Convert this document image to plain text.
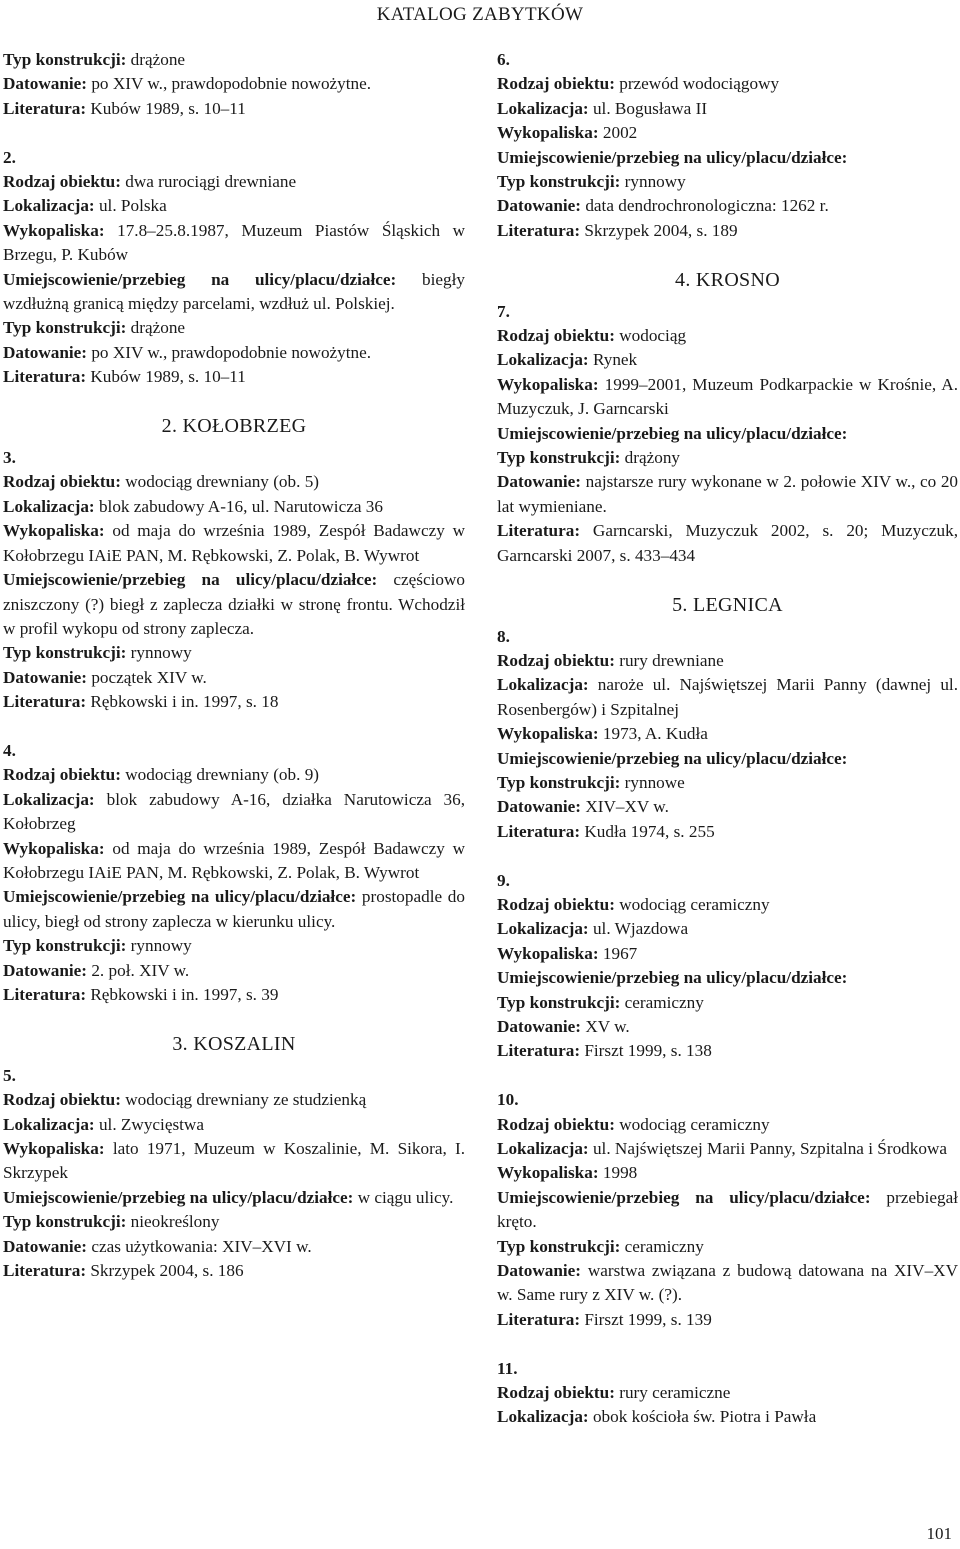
KATALOG ZABYTKÓW

Typ konstrukcji: drążone

Datowanie: po XIV w., prawdopodobnie nowożytne.

Literatura: Kubów 1989, s. 10–11

2.

Rodzaj obiektu: dwa rurociągi drewniane

Lokalizacja: ul. Polska

Wykopaliska: 17.8–25.8.1987, Muzeum Piastów Śląskich w Brzegu, P. Kubów

Umiejscowienie/przebieg na ulicy/placu/działce: biegły wzdłużną granicą między parcelami, wzdłuż ul. Polskiej.

Typ konstrukcji: drążone

Datowanie: po XIV w., prawdopodobnie nowożytne.

Literatura: Kubów 1989, s. 10–11

2. KOŁOBRZEG

3.

Rodzaj obiektu: wodociąg drewniany (ob. 5)

Lokalizacja: blok zabudowy A-16, ul. Narutowicza 36

Wykopaliska: od maja do września 1989, Zespół Badawczy w Kołobrzegu IAiE PAN, M. Rębkowski, Z. Polak, B. Wywrot

Umiejscowienie/przebieg na ulicy/placu/działce: częściowo zniszczony (?) biegł z zaplecza działki w stronę frontu. Wchodził w profil wykopu od strony zaplecza.

Typ konstrukcji: rynnowy

Datowanie: początek XIV w.

Literatura: Rębkowski i in. 1997, s. 18

4.

Rodzaj obiektu: wodociąg drewniany (ob. 9)

Lokalizacja: blok zabudowy A-16, działka Narutowicza 36, Kołobrzeg

Wykopaliska: od maja do września 1989, Zespół Badawczy w Kołobrzegu IAiE PAN, M. Rębkowski, Z. Polak, B. Wywrot

Umiejscowienie/przebieg na ulicy/placu/działce: prostopadle do ulicy, biegł od strony zaplecza w kierunku ulicy.

Typ konstrukcji: rynnowy

Datowanie: 2. poł. XIV w.

Literatura: Rębkowski i in. 1997, s. 39

3. KOSZALIN

5.

Rodzaj obiektu: wodociąg drewniany ze studzienką

Lokalizacja: ul. Zwycięstwa

Wykopaliska: lato 1971, Muzeum w Koszalinie, M. Sikora, I. Skrzypek

Umiejscowienie/przebieg na ulicy/placu/działce: w ciągu ulicy.

Typ konstrukcji: nieokreślony

Datowanie: czas użytkowania: XIV–XVI w.

Literatura: Skrzypek 2004, s. 186

6.

Rodzaj obiektu: przewód wodociągowy

Lokalizacja: ul. Bogusława II

Wykopaliska: 2002

Umiejscowienie/przebieg na ulicy/placu/działce:

Typ konstrukcji: rynnowy

Datowanie: data dendrochronologiczna: 1262 r.

Literatura: Skrzypek 2004, s. 189

4. KROSNO

7.

Rodzaj obiektu: wodociąg

Lokalizacja: Rynek

Wykopaliska: 1999–2001, Muzeum Podkarpackie w Krośnie, A. Muzyczuk, J. Garncarski

Umiejscowienie/przebieg na ulicy/placu/działce:

Typ konstrukcji: drążony

Datowanie: najstarsze rury wykonane w 2. połowie XIV w., co 20 lat wymieniane.

Literatura: Garncarski, Muzyczuk 2002, s. 20; Muzyczuk, Garncarski 2007, s. 433–434

5. LEGNICA

8.

Rodzaj obiektu: rury drewniane

Lokalizacja: naroże ul. Najświętszej Marii Panny (dawnej ul. Rosenbergów) i Szpitalnej

Wykopaliska: 1973, A. Kudła

Umiejscowienie/przebieg na ulicy/placu/działce:

Typ konstrukcji: rynnowe

Datowanie: XIV–XV w.

Literatura: Kudła 1974, s. 255

9.

Rodzaj obiektu: wodociąg ceramiczny

Lokalizacja: ul. Wjazdowa

Wykopaliska: 1967

Umiejscowienie/przebieg na ulicy/placu/działce:

Typ konstrukcji: ceramiczny

Datowanie: XV w.

Literatura: Firszt 1999, s. 138

10.

Rodzaj obiektu: wodociąg ceramiczny

Lokalizacja: ul. Najświętszej Marii Panny, Szpitalna i Środkowa

Wykopaliska: 1998

Umiejscowienie/przebieg na ulicy/placu/działce: przebiegał kręto.

Typ konstrukcji: ceramiczny

Datowanie: warstwa związana z budową datowana na XIV–XV w. Same rury z XIV w. (?).

Literatura: Firszt 1999, s. 139

11.

Rodzaj obiektu: rury ceramiczne

Lokalizacja: obok kościoła św. Piotra i Pawła

101
